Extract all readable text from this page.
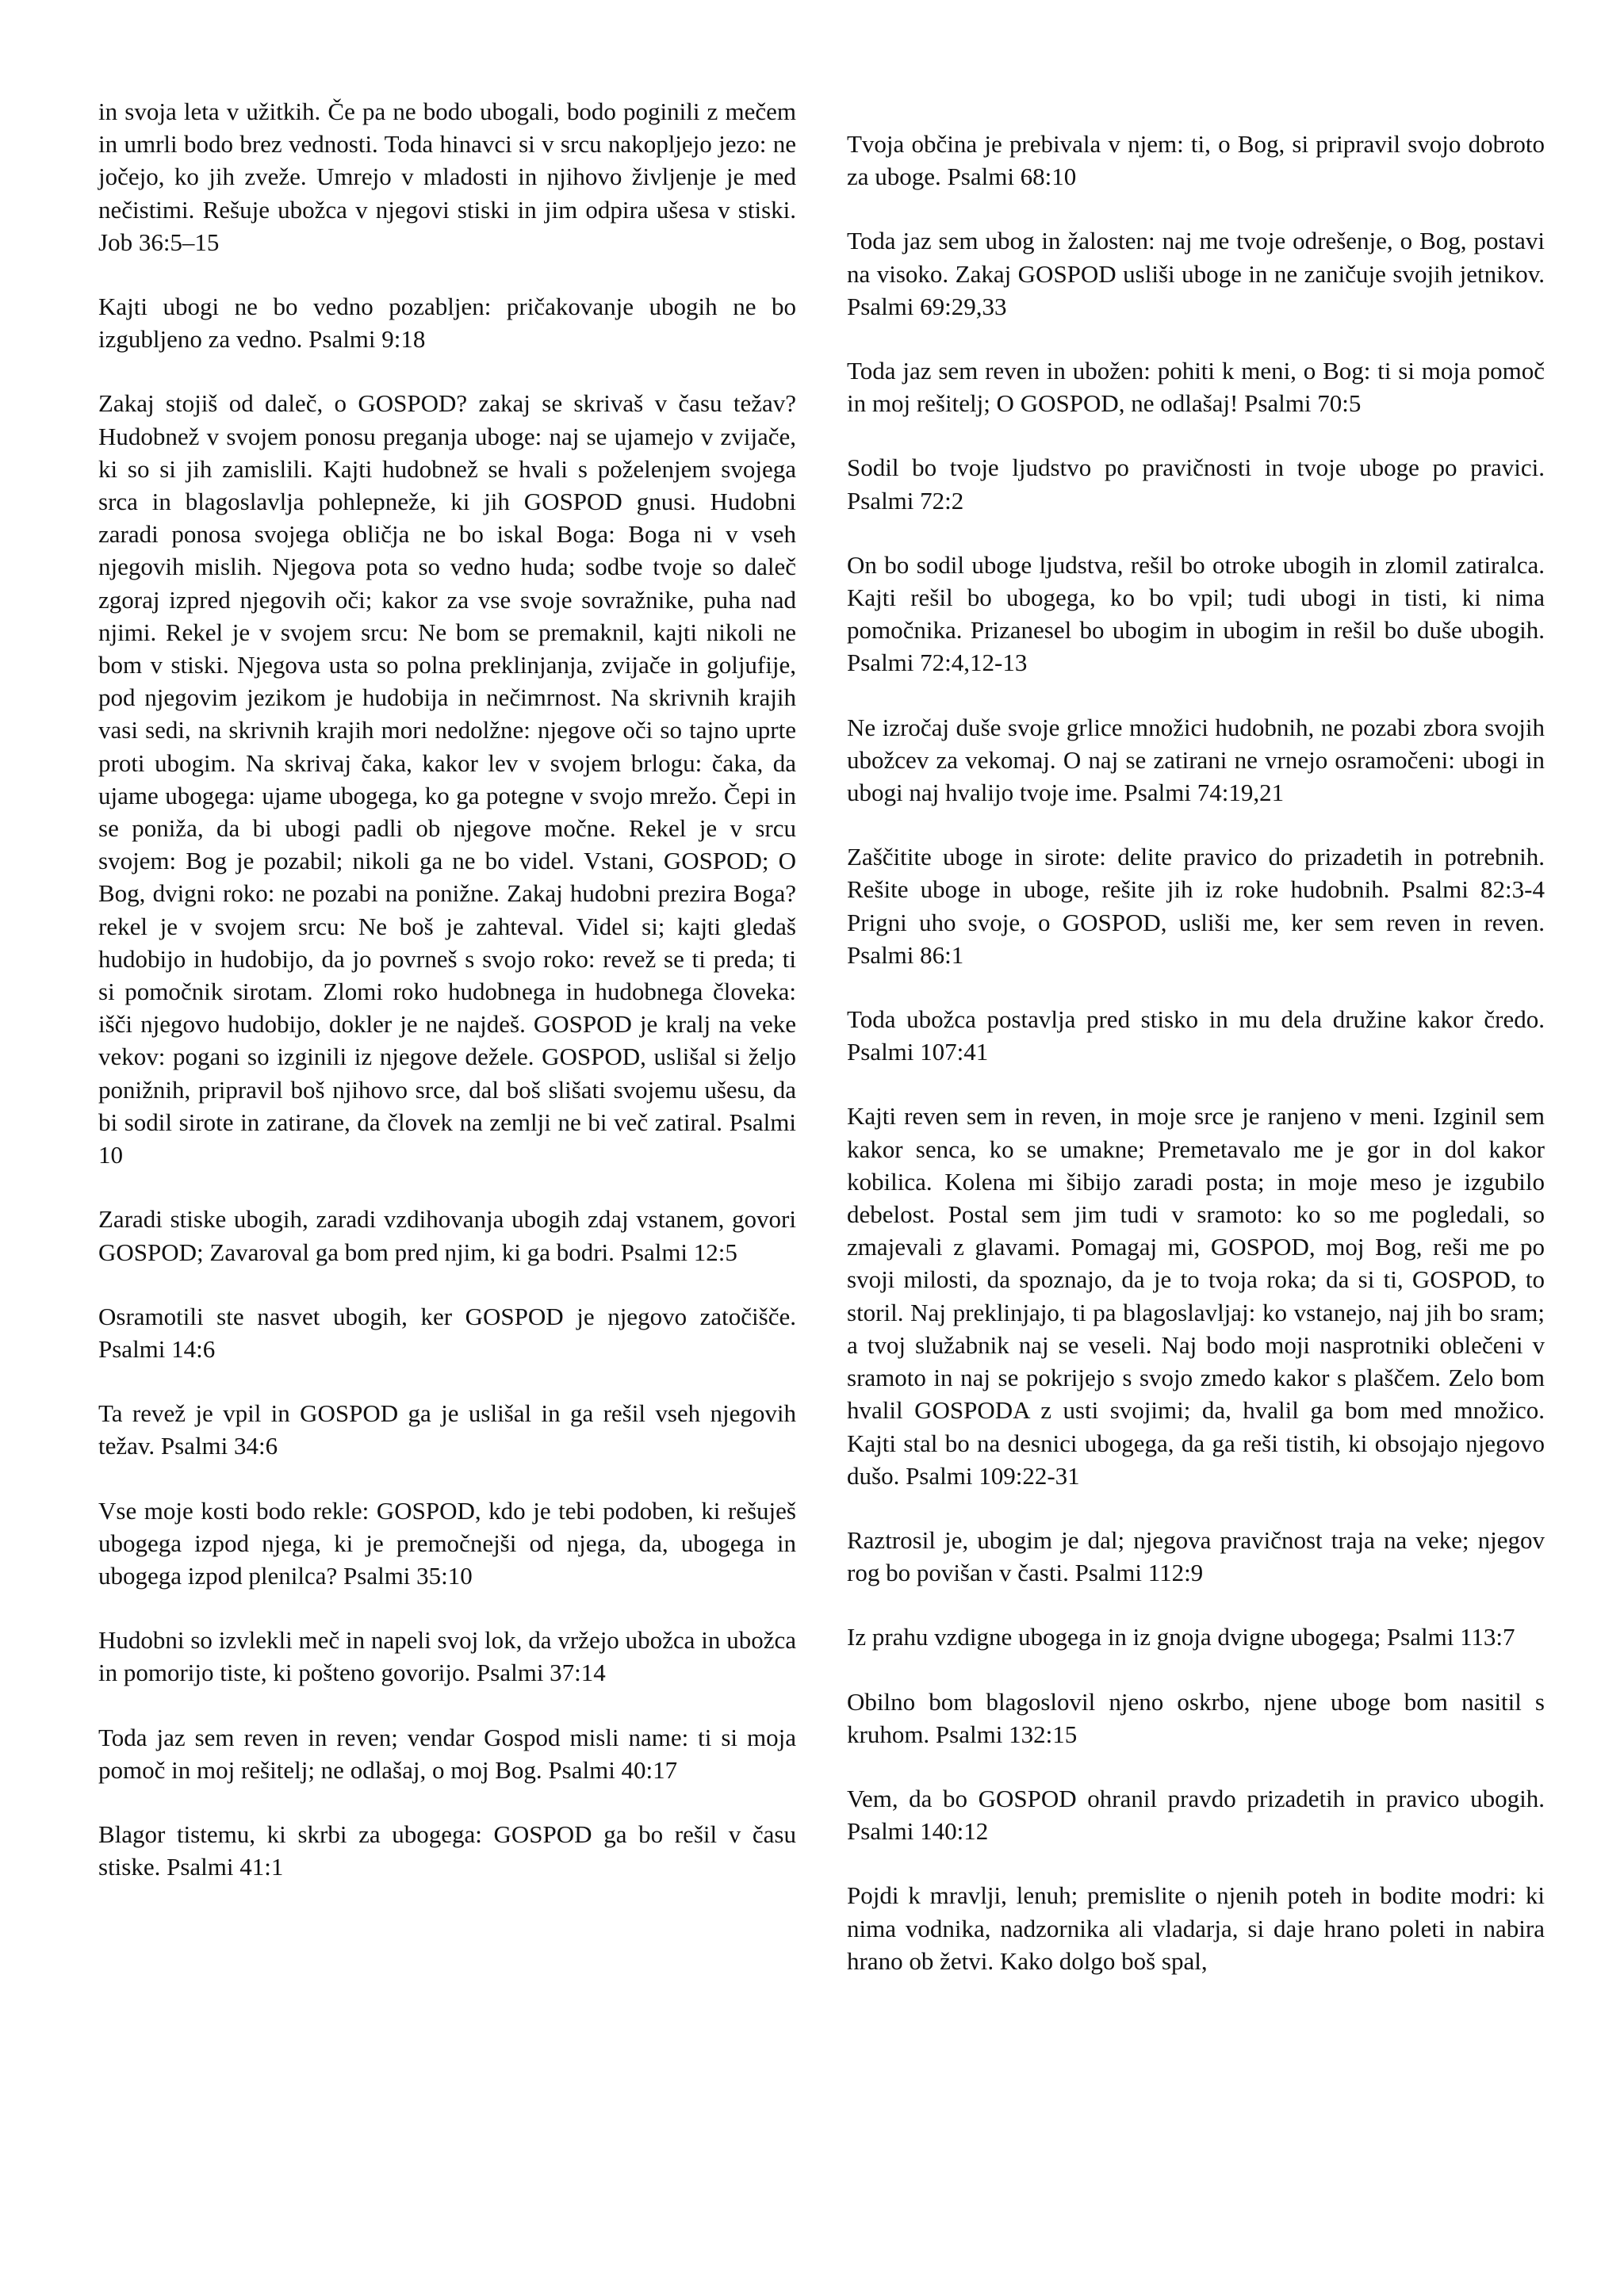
in svoja leta v užitkih. Če pa ne bodo ubogali, bodo poginili z mečem in umrli bodo brez vednosti. Toda hinavci si v srcu nakopljejo jezo: ne jočejo, ko jih zveže. Umrejo v mladosti in njihovo življenje je med nečistimi. Rešuje ubožca v njegovi stiski in jim odpira ušesa v stiski. Job 36:5–15

Kajti ubogi ne bo vedno pozabljen: pričakovanje ubogih ne bo izgubljeno za vedno. Psalmi 9:18

Zakaj stojiš od daleč, o GOSPOD? zakaj se skrivaš v času težav? Hudobnež v svojem ponosu preganja uboge: naj se ujamejo v zvijače, ki so si jih zamislili. Kajti hudobnež se hvali s poželenjem svojega srca in blagoslavlja pohlepneže, ki jih GOSPOD gnusi. Hudobni zaradi ponosa svojega obličja ne bo iskal Boga: Boga ni v vseh njegovih mislih. Njegova pota so vedno huda; sodbe tvoje so daleč zgoraj izpred njegovih oči; kakor za vse svoje sovražnike, puha nad njimi. Rekel je v svojem srcu: Ne bom se premaknil, kajti nikoli ne bom v stiski. Njegova usta so polna preklinjanja, zvijače in goljufije, pod njegovim jezikom je hudobija in nečimrnost. Na skrivnih krajih vasi sedi, na skrivnih krajih mori nedolžne: njegove oči so tajno uprte proti ubogim. Na skrivaj čaka, kakor lev v svojem brlogu: čaka, da ujame ubogega: ujame ubogega, ko ga potegne v svojo mrežo. Čepi in se poniža, da bi ubogi padli ob njegove močne. Rekel je v srcu svojem: Bog je pozabil; nikoli ga ne bo videl. Vstani, GOSPOD; O Bog, dvigni roko: ne pozabi na ponižne. Zakaj hudobni prezira Boga? rekel je v svojem srcu: Ne boš je zahteval. Videl si; kajti gledaš hudobijo in hudobijo, da jo povrneš s svojo roko: revež se ti preda; ti si pomočnik sirotam. Zlomi roko hudobnega in hudobnega človeka: išči njegovo hudobijo, dokler je ne najdeš. GOSPOD je kralj na veke vekov: pogani so izginili iz njegove dežele. GOSPOD, uslišal si željo ponižnih, pripravil boš njihovo srce, dal boš slišati svojemu ušesu, da bi sodil sirote in zatirane, da človek na zemlji ne bi več zatiral. Psalmi 10

Zaradi stiske ubogih, zaradi vzdihovanja ubogih zdaj vstanem, govori GOSPOD; Zavaroval ga bom pred njim, ki ga bodri. Psalmi 12:5

Osramotili ste nasvet ubogih, ker GOSPOD je njegovo zatočišče. Psalmi 14:6

Ta revež je vpil in GOSPOD ga je uslišal in ga rešil vseh njegovih težav. Psalmi 34:6

Vse moje kosti bodo rekle: GOSPOD, kdo je tebi podoben, ki rešuješ ubogega izpod njega, ki je premočnejši od njega, da, ubogega in ubogega izpod plenilca? Psalmi 35:10

Hudobni so izvlekli meč in napeli svoj lok, da vržejo ubožca in ubožca in pomorijo tiste, ki pošteno govorijo. Psalmi 37:14

Toda jaz sem reven in reven; vendar Gospod misli name: ti si moja pomoč in moj rešitelj; ne odlašaj, o moj Bog. Psalmi 40:17

Blagor tistemu, ki skrbi za ubogega: GOSPOD ga bo rešil v času stiske. Psalmi 41:1

Tvoja občina je prebivala v njem: ti, o Bog, si pripravil svojo dobroto za uboge. Psalmi 68:10

Toda jaz sem ubog in žalosten: naj me tvoje odrešenje, o Bog, postavi na visoko. Zakaj GOSPOD usliši uboge in ne zaničuje svojih jetnikov. Psalmi 69:29,33

Toda jaz sem reven in ubožen: pohiti k meni, o Bog: ti si moja pomoč in moj rešitelj; O GOSPOD, ne odlašaj! Psalmi 70:5

Sodil bo tvoje ljudstvo po pravičnosti in tvoje uboge po pravici. Psalmi 72:2

On bo sodil uboge ljudstva, rešil bo otroke ubogih in zlomil zatiralca. Kajti rešil bo ubogega, ko bo vpil; tudi ubogi in tisti, ki nima pomočnika. Prizanesel bo ubogim in ubogim in rešil bo duše ubogih. Psalmi 72:4,12-13

Ne izročaj duše svoje grlice množici hudobnih, ne pozabi zbora svojih ubožcev za vekomaj. O naj se zatirani ne vrnejo osramočeni: ubogi in ubogi naj hvalijo tvoje ime. Psalmi 74:19,21

Zaščitite uboge in sirote: delite pravico do prizadetih in potrebnih. Rešite uboge in uboge, rešite jih iz roke hudobnih. Psalmi 82:3-4 Prigni uho svoje, o GOSPOD, usliši me, ker sem reven in reven. Psalmi 86:1

Toda ubožca postavlja pred stisko in mu dela družine kakor čredo. Psalmi 107:41

Kajti reven sem in reven, in moje srce je ranjeno v meni. Izginil sem kakor senca, ko se umakne; Premetavalo me je gor in dol kakor kobilica. Kolena mi šibijo zaradi posta; in moje meso je izgubilo debelost. Postal sem jim tudi v sramoto: ko so me pogledali, so zmajevali z glavami. Pomagaj mi, GOSPOD, moj Bog, reši me po svoji milosti, da spoznajo, da je to tvoja roka; da si ti, GOSPOD, to storil. Naj preklinjajo, ti pa blagoslavljaj: ko vstanejo, naj jih bo sram; a tvoj služabnik naj se veseli. Naj bodo moji nasprotniki oblečeni v sramoto in naj se pokrijejo s svojo zmedo kakor s plaščem. Zelo bom hvalil GOSPODA z usti svojimi; da, hvalil ga bom med množico. Kajti stal bo na desnici ubogega, da ga reši tistih, ki obsojajo njegovo dušo. Psalmi 109:22-31

Raztrosil je, ubogim je dal; njegova pravičnost traja na veke; njegov rog bo povišan v časti. Psalmi 112:9

Iz prahu vzdigne ubogega in iz gnoja dvigne ubogega; Psalmi 113:7

Obilno bom blagoslovil njeno oskrbo, njene uboge bom nasitil s kruhom. Psalmi 132:15

Vem, da bo GOSPOD ohranil pravdo prizadetih in pravico ubogih. Psalmi 140:12

Pojdi k mravlji, lenuh; premislite o njenih poteh in bodite modri: ki nima vodnika, nadzornika ali vladarja, si daje hrano poleti in nabira hrano ob žetvi. Kako dolgo boš spal,
